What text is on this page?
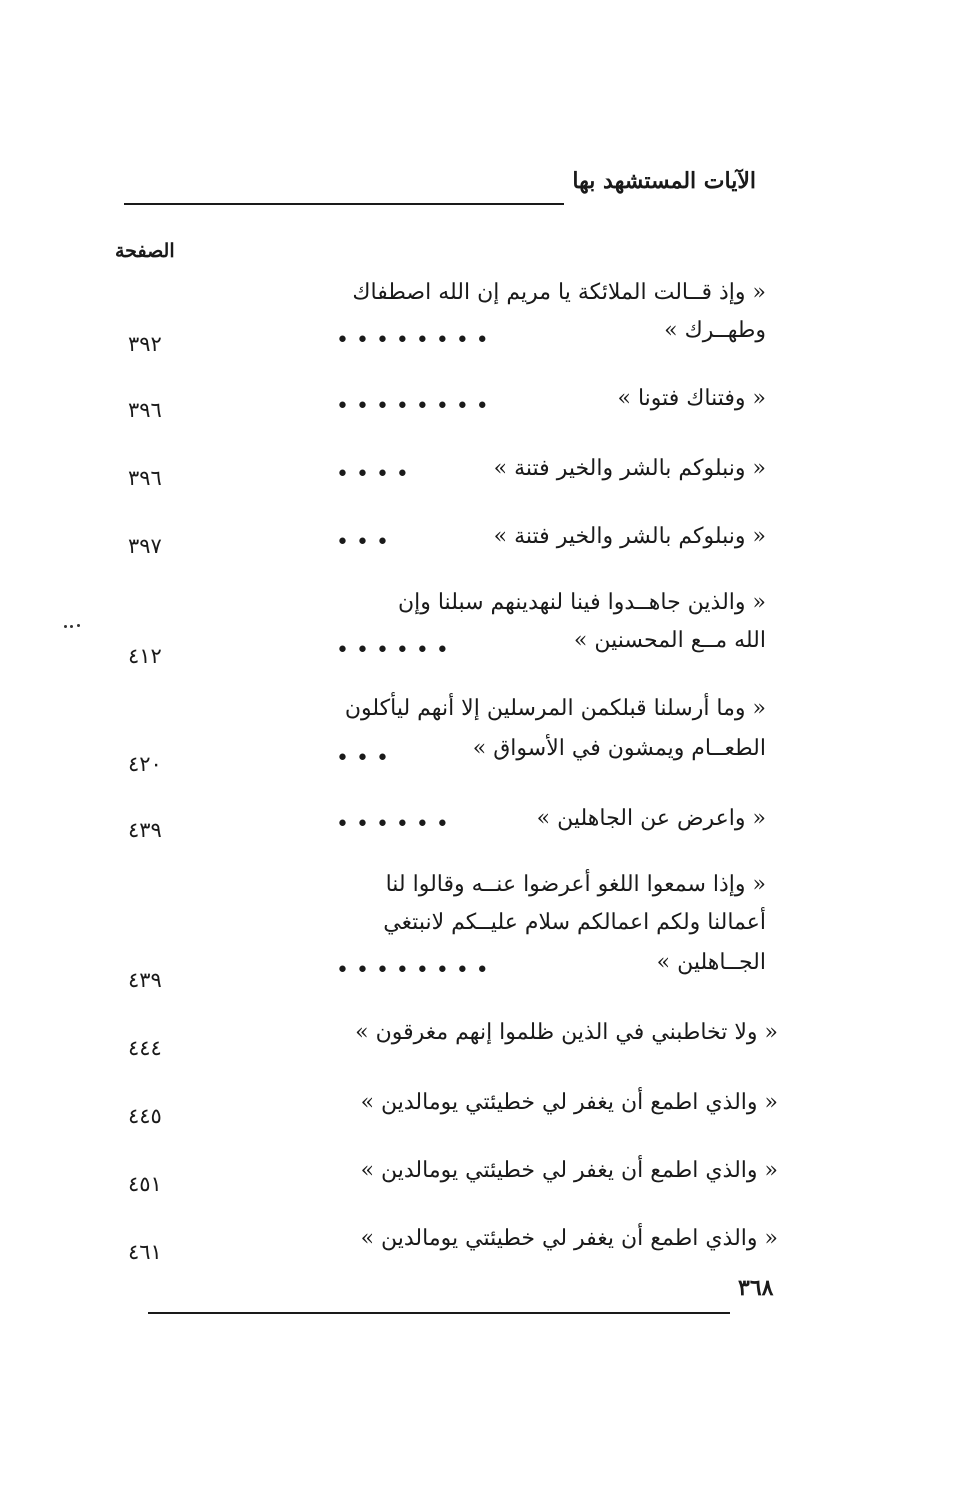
الآيات المستشهد بها
الصفحة
« وإذ قــالت الملائكة يا مريم إن الله اصطفاك
وطهــرك »
• • • • • • • •
٣٩٢
« وفتناك فتونا »
• • • • • • • •
٣٩٦
« ونبلوكم بالشر والخير فتنة »
• • • •
٣٩٦
« ونبلوكم بالشر والخير فتنة »
• • •
٣٩٧
« والذين جاهــدوا فينا لنهدينهم سبلنا وإن
الله مــع المحسنين »
• • • • • •
٤١٢
« وما أرسلنا قبلكمن المرسلين إلا أنهم ليأكلون
الطعــام ويمشون في الأسواق »
• • •
٤٢٠
« واعرض عن الجاهلين »
• • • • • •
٤٣٩
« وإذا سمعوا اللغو أعرضوا عنــه وقالوا لنا
أعمالنا ولكم اعمالكم سلام عليــكم لانبتغي
الجــاهلين »
• • • • • • • •
٤٣٩
« ولا تخاطبني في الذين ظلموا إنهم مغرقون »
٤٤٤
« والذي اطمع أن يغفر لي خطيئتي يومالدين »
٤٤٥
« والذي اطمع أن يغفر لي خطيئتي يومالدين »
٤٥١
« والذي اطمع أن يغفر لي خطيئتي يومالدين »
٤٦١
٣٦٨
